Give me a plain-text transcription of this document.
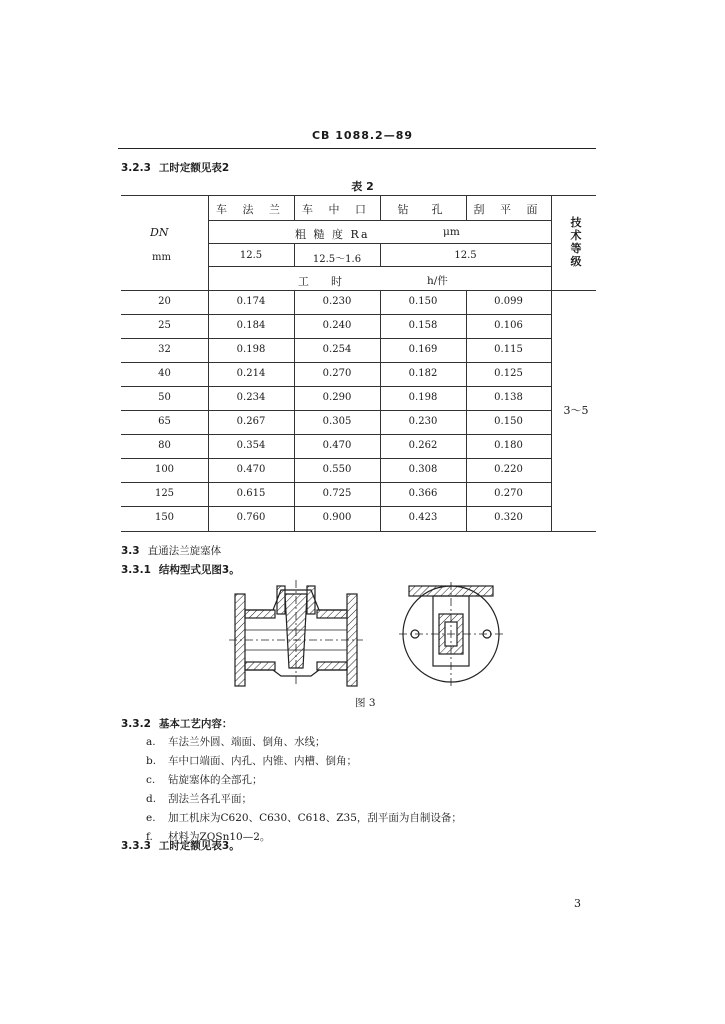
CB 1088.2—89
3.2.3 工时定额见表2
表 2
车 法 兰	车 中 口	钻　孔	刮 平 面
技术等级
DN
mm
粗 糙 度 Ra	μm
12.5	12.5～1.6	12.5
工　　时	h/件
20	0.174	0.230	0.150	0.099
25	0.184	0.240	0.158	0.106
32	0.198	0.254	0.169	0.115
40	0.214	0.270	0.182	0.125
50	0.234	0.290	0.198	0.138
65	0.267	0.305	0.230	0.150
80	0.354	0.470	0.262	0.180
100	0.470	0.550	0.308	0.220
125	0.615	0.725	0.366	0.270
150	0.760	0.900	0.423	0.320
3～5
3.3 直通法兰旋塞体
3.3.1 结构型式见图3。
图 3
3.3.2 基本工艺内容：
a. 车法兰外圆、端面、倒角、水线；
b. 车中口端面、内孔、内锥、内槽、倒角；
c. 钻旋塞体的全部孔；
d. 刮法兰各孔平面；
e. 加工机床为C620、C630、C618、Z35，刮平面为自制设备；
f. 材料为ZQSn10—2。
3.3.3 工时定额见表3。
3
